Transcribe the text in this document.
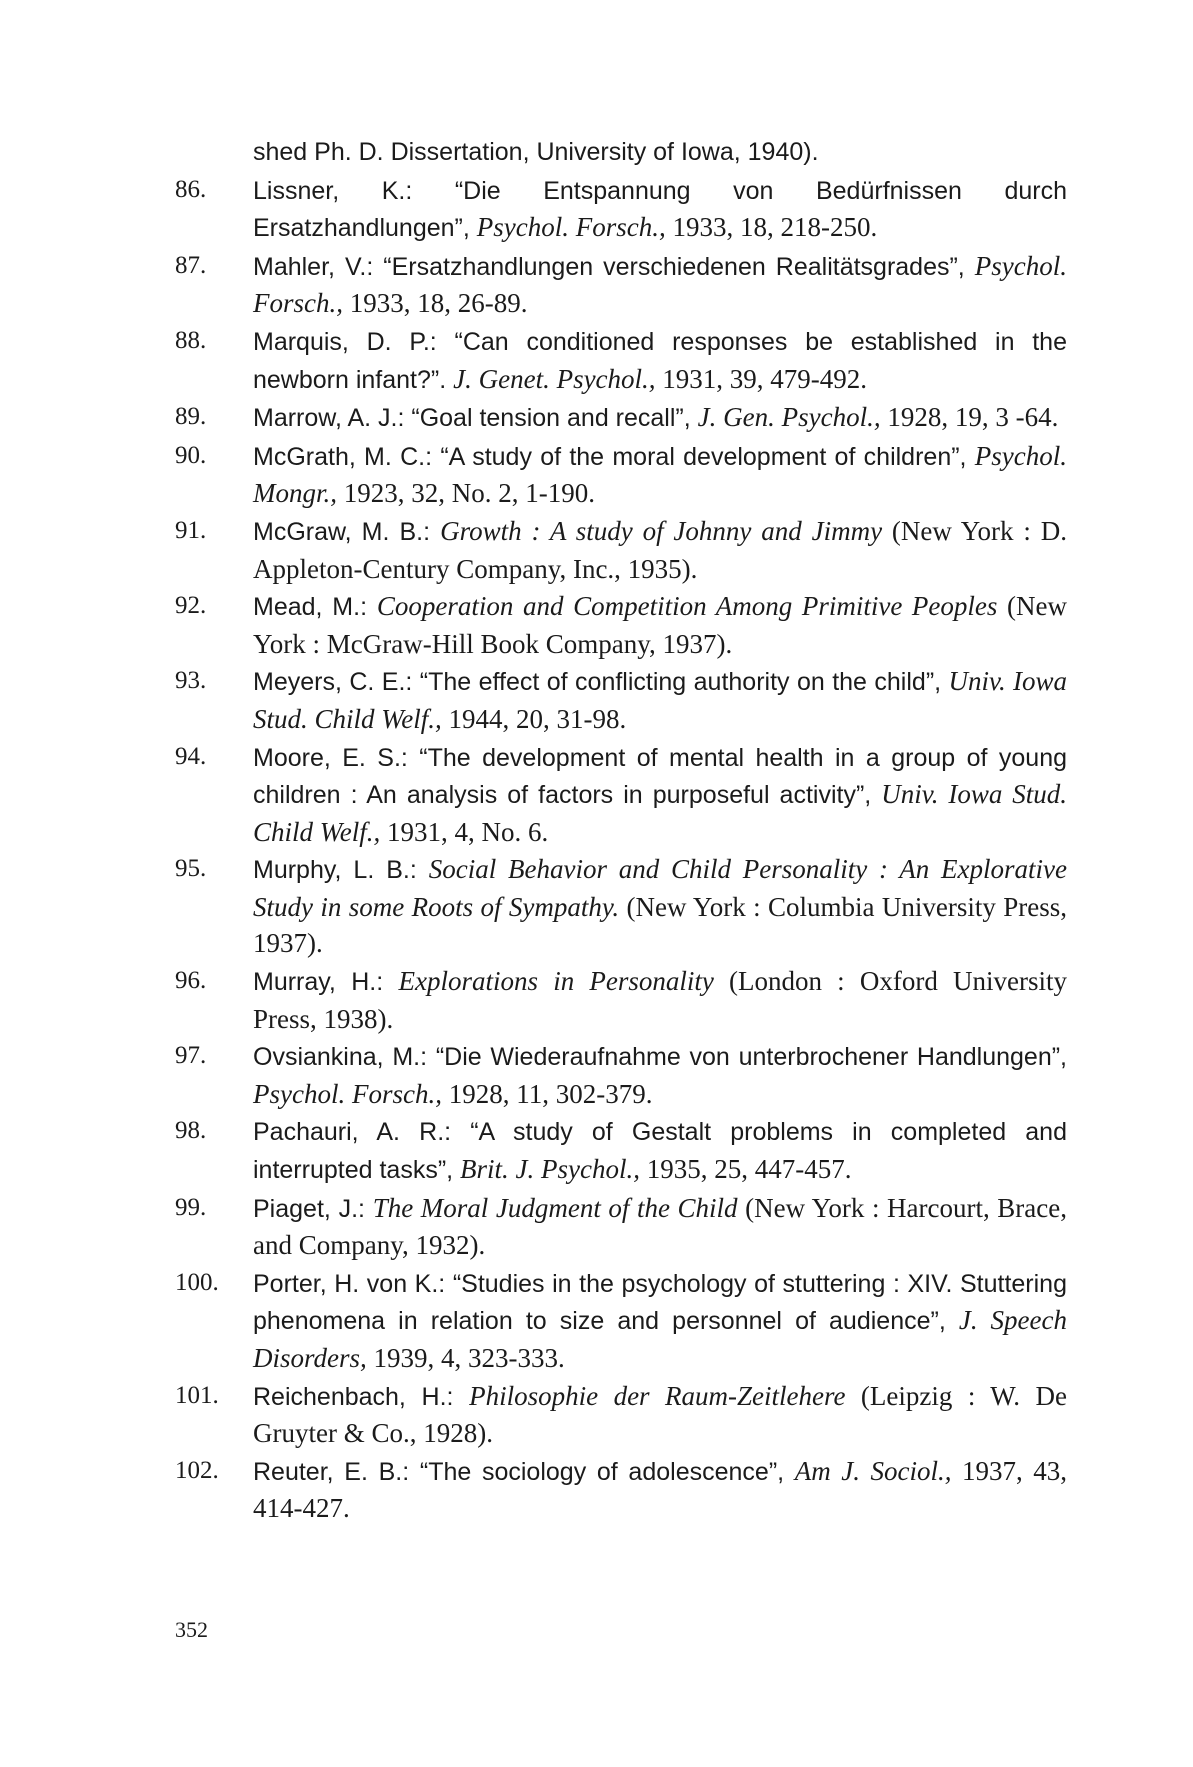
shed Ph. D. Dissertation, University of Iowa, 1940).
86.	Lissner, K.: “Die Entspannung von Bedürfnissen durch Ersatzhandlungen”, Psychol. Forsch., 1933, 18, 218-250.
87.	Mahler, V.: “Ersatzhandlungen verschiedenen Realitätsgrades”, Psychol. Forsch., 1933, 18, 26-89.
88.	Marquis, D. P.: “Can conditioned responses be established in the newborn infant?”. J. Genet. Psychol., 1931, 39, 479-492.
89.	Marrow, A. J.: “Goal tension and recall”, J. Gen. Psychol., 1928, 19, 3 -64.
90.	McGrath, M. C.: “A study of the moral development of children”, Psychol. Mongr., 1923, 32, No. 2, 1-190.
91.	McGraw, M. B.: Growth : A study of Johnny and Jimmy (New York : D. Appleton-Century Company, Inc., 1935).
92.	Mead, M.: Cooperation and Competition Among Primitive Peoples (New York : McGraw-Hill Book Company, 1937).
93.	Meyers, C. E.: “The effect of conflicting authority on the child”, Univ. Iowa Stud. Child Welf., 1944, 20, 31-98.
94.	Moore, E. S.: “The development of mental health in a group of young children : An analysis of factors in purposeful activity”, Univ. Iowa Stud. Child Welf., 1931, 4, No. 6.
95.	Murphy, L. B.: Social Behavior and Child Personality : An Explorative Study in some Roots of Sympathy. (New York : Columbia University Press, 1937).
96.	Murray, H.: Explorations in Personality (London : Oxford University Press, 1938).
97.	Ovsiankina, M.: “Die Wiederaufnahme von unterbrochener Handlungen”, Psychol. Forsch., 1928, 11, 302-379.
98.	Pachauri, A. R.: “A study of Gestalt problems in completed and interrupted tasks”, Brit. J. Psychol., 1935, 25, 447-457.
99.	Piaget, J.: The Moral Judgment of the Child (New York : Harcourt, Brace, and Company, 1932).
100.	Porter, H. von K.: “Studies in the psychology of stuttering : XIV. Stuttering phenomena in relation to size and personnel of audience”, J. Speech Disorders, 1939, 4, 323-333.
101.	Reichenbach, H.: Philosophie der Raum-Zeitlehere (Leipzig : W. De Gruyter & Co., 1928).
102.	Reuter, E. B.: “The sociology of adolescence”, Am J. Sociol., 1937, 43, 414-427.
352
